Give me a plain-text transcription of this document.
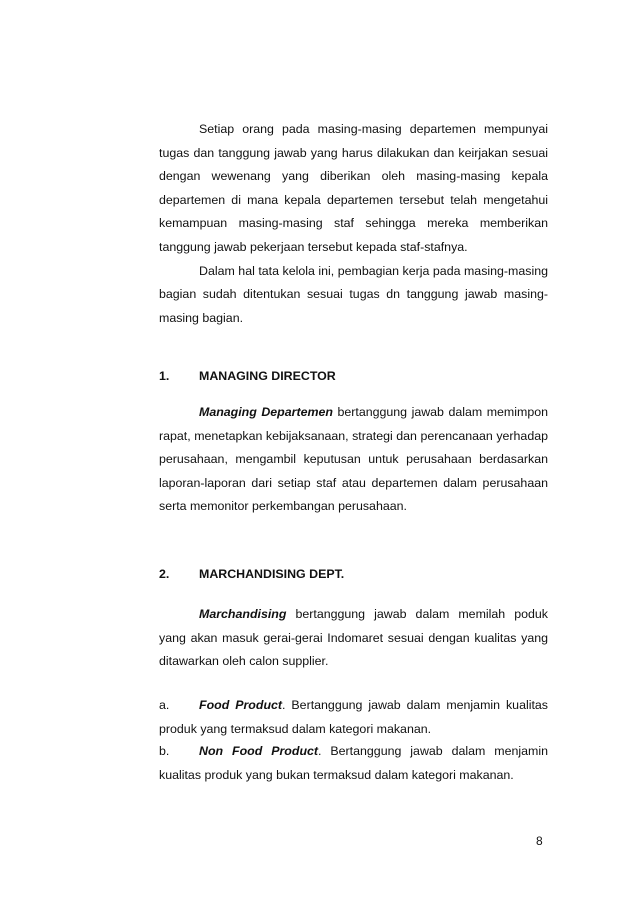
Setiap orang pada masing-masing departemen mempunyai tugas dan tanggung jawab yang harus dilakukan dan keirjakan sesuai dengan wewenang yang diberikan oleh masing-masing kepala departemen di mana kepala departemen tersebut telah mengetahui kemampuan masing-masing staf sehingga mereka memberikan tanggung jawab pekerjaan tersebut kepada staf-stafnya.

Dalam hal tata kelola ini, pembagian kerja pada masing-masing bagian sudah ditentukan sesuai tugas dn tanggung jawab masing-masing bagian.

1. MANAGING DIRECTOR

Managing Departemen bertanggung jawab dalam memimpon rapat, menetapkan kebijaksanaan, strategi dan perencanaan yerhadap perusahaan, mengambil keputusan untuk perusahaan berdasarkan laporan-laporan dari setiap staf atau departemen dalam perusahaan serta memonitor perkembangan perusahaan.

2. MARCHANDISING DEPT.

Marchandising bertanggung jawab dalam memilah poduk yang akan masuk gerai-gerai Indomaret sesuai dengan kualitas yang ditawarkan oleh calon supplier.

a. Food Product. Bertanggung jawab dalam menjamin kualitas produk yang termaksud dalam kategori makanan.
b. Non Food Product. Bertanggung jawab dalam menjamin kualitas produk yang bukan termaksud dalam kategori makanan.
8
